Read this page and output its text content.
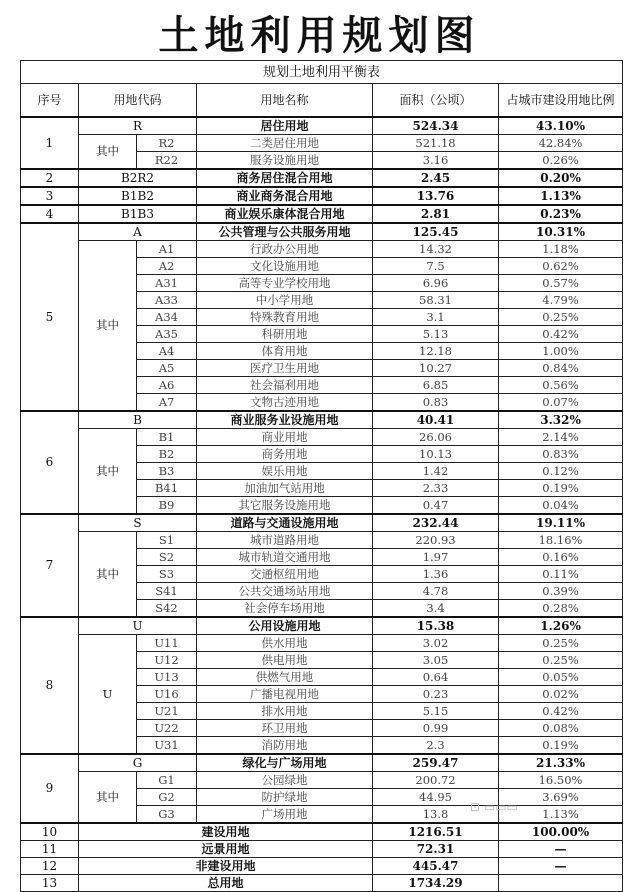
土地利用规划图
规划土地利用平衡表					
序号	用地代码		用地名称	面积（公顷）	占城市建设用地比例
1	R		居住用地	524.34	43.10%
	其中	R2	二类居住用地	521.18	42.84%
		R22	服务设施用地	3.16	0.26%
2	B2R2		商务居住混合用地	2.45	0.20%
3	B1B2		商业商务混合用地	13.76	1.13%
4	B1B3		商业娱乐康体混合用地	2.81	0.23%
5	A		公共管理与公共服务用地	125.45	10.31%
	其中	A1	行政办公用地	14.32	1.18%
		A2	文化设施用地	7.5	0.62%
		A31	高等专业学校用地	6.96	0.57%
		A33	中小学用地	58.31	4.79%
		A34	特殊教育用地	3.1	0.25%
		A35	科研用地	5.13	0.42%
		A4	体育用地	12.18	1.00%
		A5	医疗卫生用地	10.27	0.84%
		A6	社会福利用地	6.85	0.56%
		A7	文物古迹用地	0.83	0.07%
6	B		商业服务业设施用地	40.41	3.32%
	其中	B1	商业用地	26.06	2.14%
		B2	商务用地	10.13	0.83%
		B3	娱乐用地	1.42	0.12%
		B41	加油加气站用地	2.33	0.19%
		B9	其它服务设施用地	0.47	0.04%
7	S		道路与交通设施用地	232.44	19.11%
	其中	S1	城市道路用地	220.93	18.16%
		S2	城市轨道交通用地	1.97	0.16%
		S3	交通枢纽用地	1.36	0.11%
		S41	公共交通场站用地	4.78	0.39%
		S42	社会停车场用地	3.4	0.28%
8	U		公用设施用地	15.38	1.26%
	U	U11	供水用地	3.02	0.25%
		U12	供电用地	3.05	0.25%
		U13	供燃气用地	0.64	0.05%
		U16	广播电视用地	0.23	0.02%
		U21	排水用地	5.15	0.42%
		U22	环卫用地	0.99	0.08%
		U31	消防用地	2.3	0.19%
9	G		绿化与广场用地	259.47	21.33%
	其中	G1	公园绿地	200.72	16.50%
		G2	防护绿地	44.95	3.69%
		G3	广场用地	13.8	1.13%
10	建设用地			1216.51	100.00%
11	远景用地			72.31	—
12	非建设用地			445.47	—
13	总用地			1734.29	
⊡ ▭▭▭
